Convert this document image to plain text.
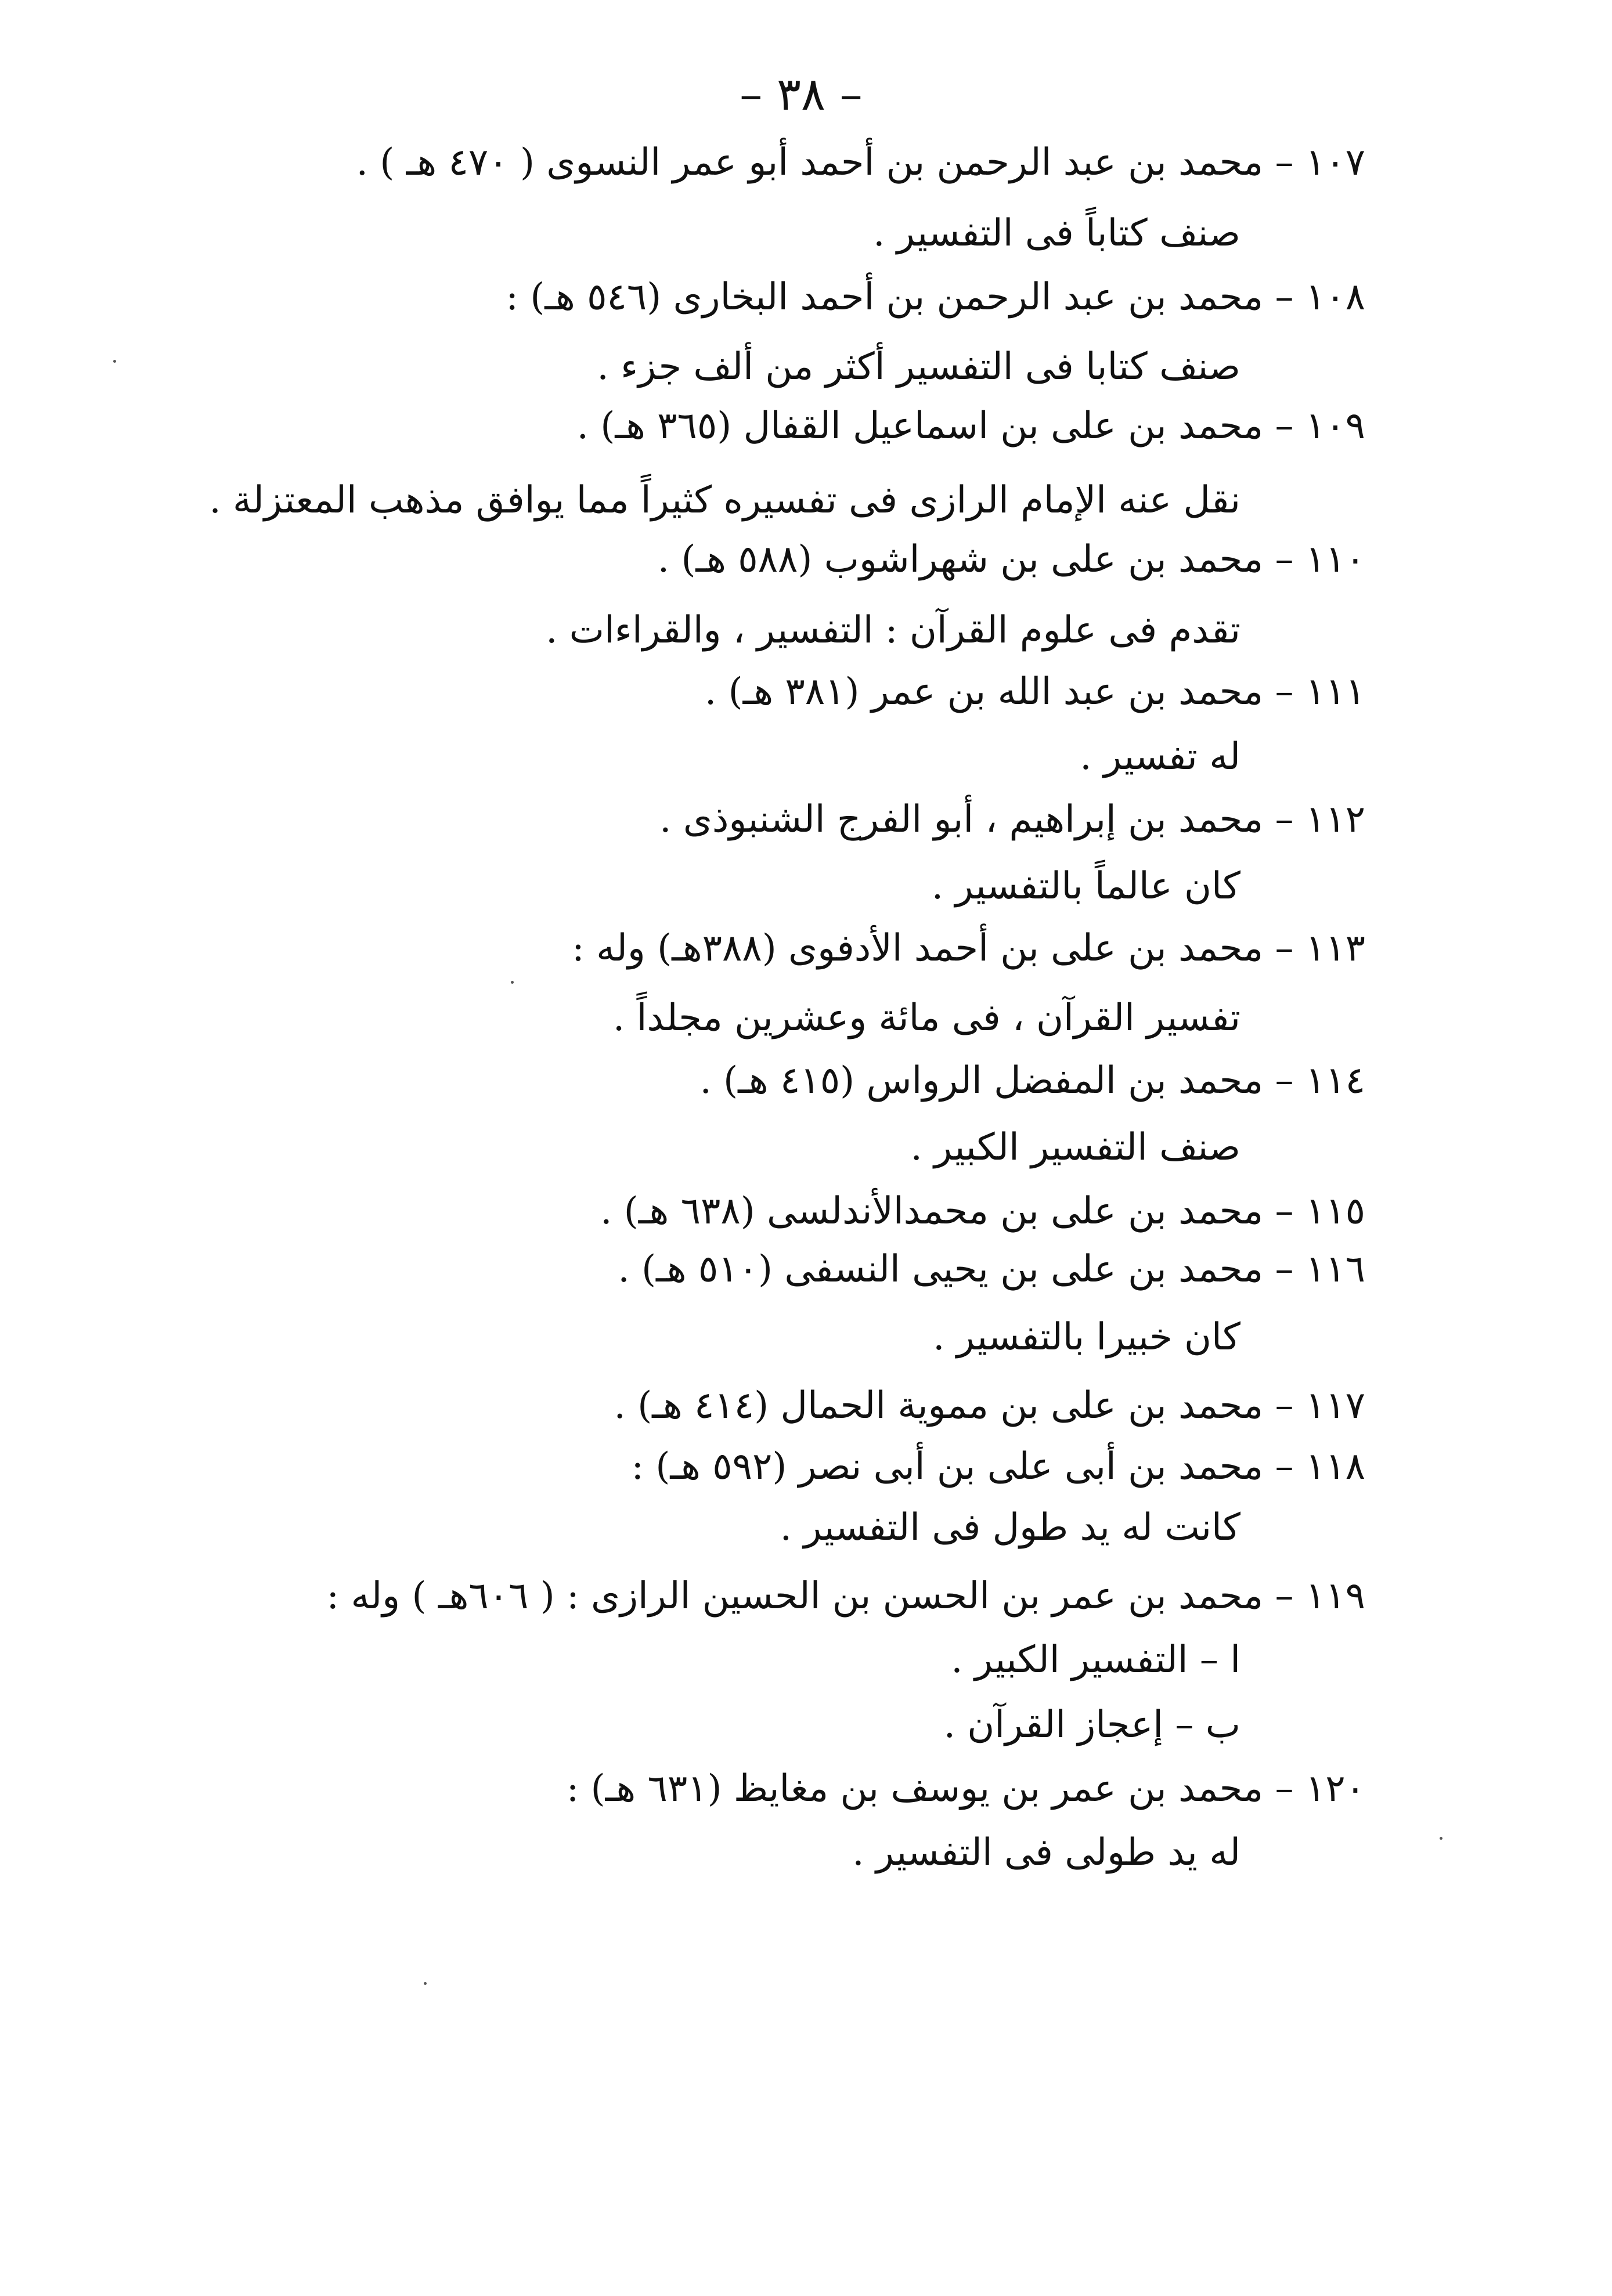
– ٣٨ –
١٠٧ – محمد بن عبد الرحمن بن أحمد أبو عمر النسوى ( ٤٧٠ هـ ) .
صنف كتاباً فى التفسير .
١٠٨ – محمد بن عبد الرحمن بن أحمد البخارى (٥٤٦ هـ) :
صنف كتابا فى التفسير أكثر من ألف جزء .
١٠٩ – محمد بن على بن اسماعيل القفال (٣٦٥ هـ) .
نقل عنه الإمام الرازى فى تفسيره كثيراً مما يوافق مذهب المعتزلة .
١١٠ – محمد بن على بن شهراشوب (٥٨٨ هـ) .
تقدم فى علوم القرآن : التفسير ، والقراءات .
١١١ – محمد بن عبد الله بن عمر (٣٨١ هـ) .
له تفسير .
١١٢ – محمد بن إبراهيم ، أبو الفرج الشنبوذى .
كان عالماً بالتفسير .
١١٣ – محمد بن على بن أحمد الأدفوى (٣٨٨هـ) وله :
تفسير القرآن ، فى مائة وعشرين مجلداً .
١١٤ – محمد بن المفضل الرواس (٤١٥ هـ) .
صنف التفسير الكبير .
١١٥ – محمد بن على بن محمدالأندلسى (٦٣٨ هـ) .
١١٦ – محمد بن على بن يحيى النسفى (٥١٠ هـ) .
كان خبيرا بالتفسير .
١١٧ – محمد بن على بن مموية الحمال (٤١٤ هـ) .
١١٨ – محمد بن أبى على بن أبى نصر (٥٩٢ هـ) :
كانت له يد طول فى التفسير .
١١٩ – محمد بن عمر بن الحسن بن الحسين الرازى : ( ٦٠٦هـ ) وله :
ا – التفسير الكبير .
ب – إعجاز القرآن .
١٢٠ – محمد بن عمر بن يوسف بن مغايظ (٦٣١ هـ) :
له يد طولى فى التفسير .
